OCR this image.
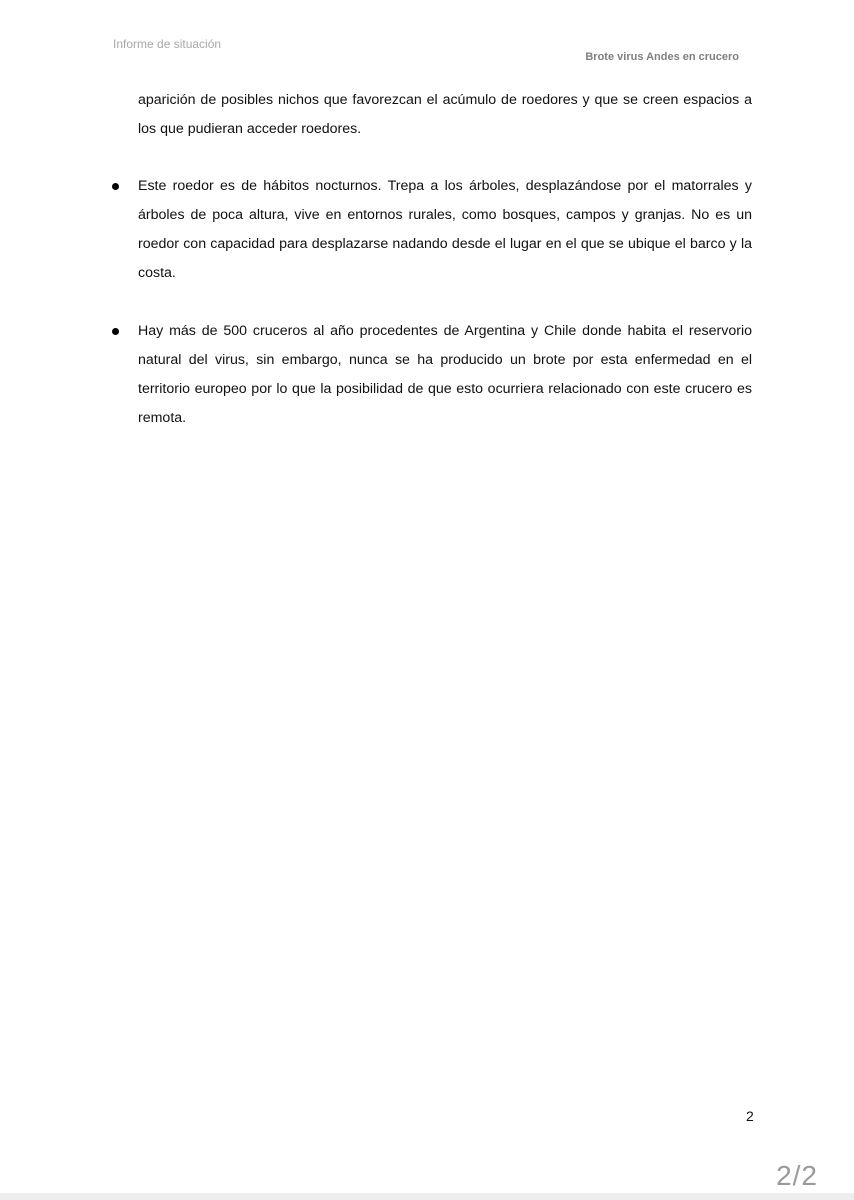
Informe de situación
Brote virus Andes en crucero

aparición de posibles nichos que favorezcan el acúmulo de roedores y que se creen espacios a los que pudieran acceder roedores.

Este roedor es de hábitos nocturnos. Trepa a los árboles, desplazándose por el matorrales y árboles de poca altura, vive en entornos rurales, como bosques, campos y granjas. No es un roedor con capacidad para desplazarse nadando desde el lugar en el que se ubique el barco y la costa.

Hay más de 500 cruceros al año procedentes de Argentina y Chile donde habita el reservorio natural del virus, sin embargo, nunca se ha producido un brote por esta enfermedad en el territorio europeo por lo que la posibilidad de que esto ocurriera relacionado con este crucero es remota.

2
2/2
